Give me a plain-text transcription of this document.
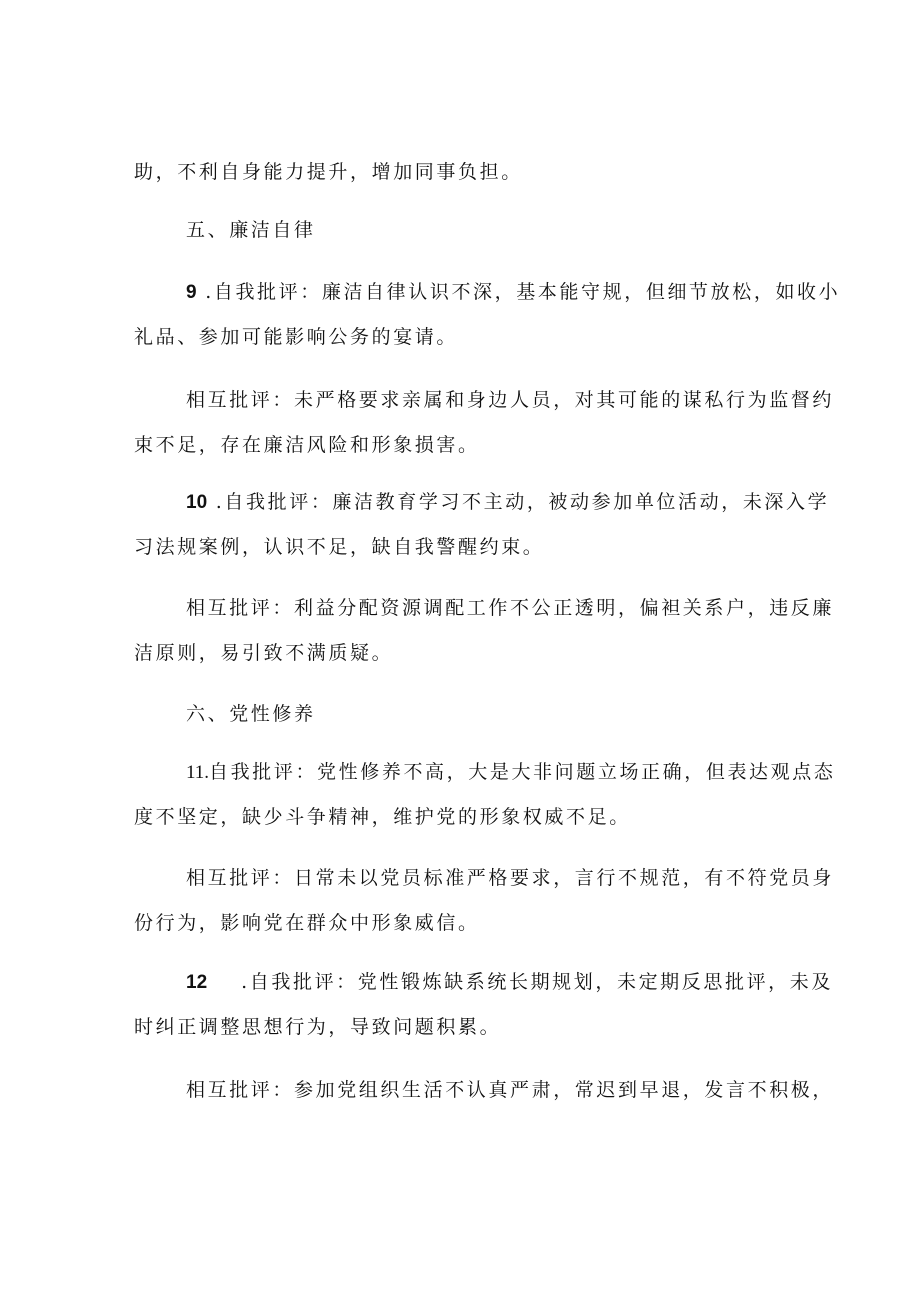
助，不利自身能力提升，增加同事负担。

五、廉洁自律

9 .自我批评：廉洁自律认识不深，基本能守规，但细节放松，如收小
礼品、参加可能影响公务的宴请。

相互批评：未严格要求亲属和身边人员，对其可能的谋私行为监督约
束不足，存在廉洁风险和形象损害。

10 .自我批评：廉洁教育学习不主动，被动参加单位活动，未深入学
习法规案例，认识不足，缺自我警醒约束。

相互批评：利益分配资源调配工作不公正透明，偏袒关系户，违反廉
洁原则，易引致不满质疑。

六、党性修养

11.自我批评：党性修养不高，大是大非问题立场正确，但表达观点态
度不坚定，缺少斗争精神，维护党的形象权威不足。

相互批评：日常未以党员标准严格要求，言行不规范，有不符党员身
份行为，影响党在群众中形象威信。

12 .自我批评：党性锻炼缺系统长期规划，未定期反思批评，未及
时纠正调整思想行为，导致问题积累。

相互批评：参加党组织生活不认真严肃，常迟到早退，发言不积极，
